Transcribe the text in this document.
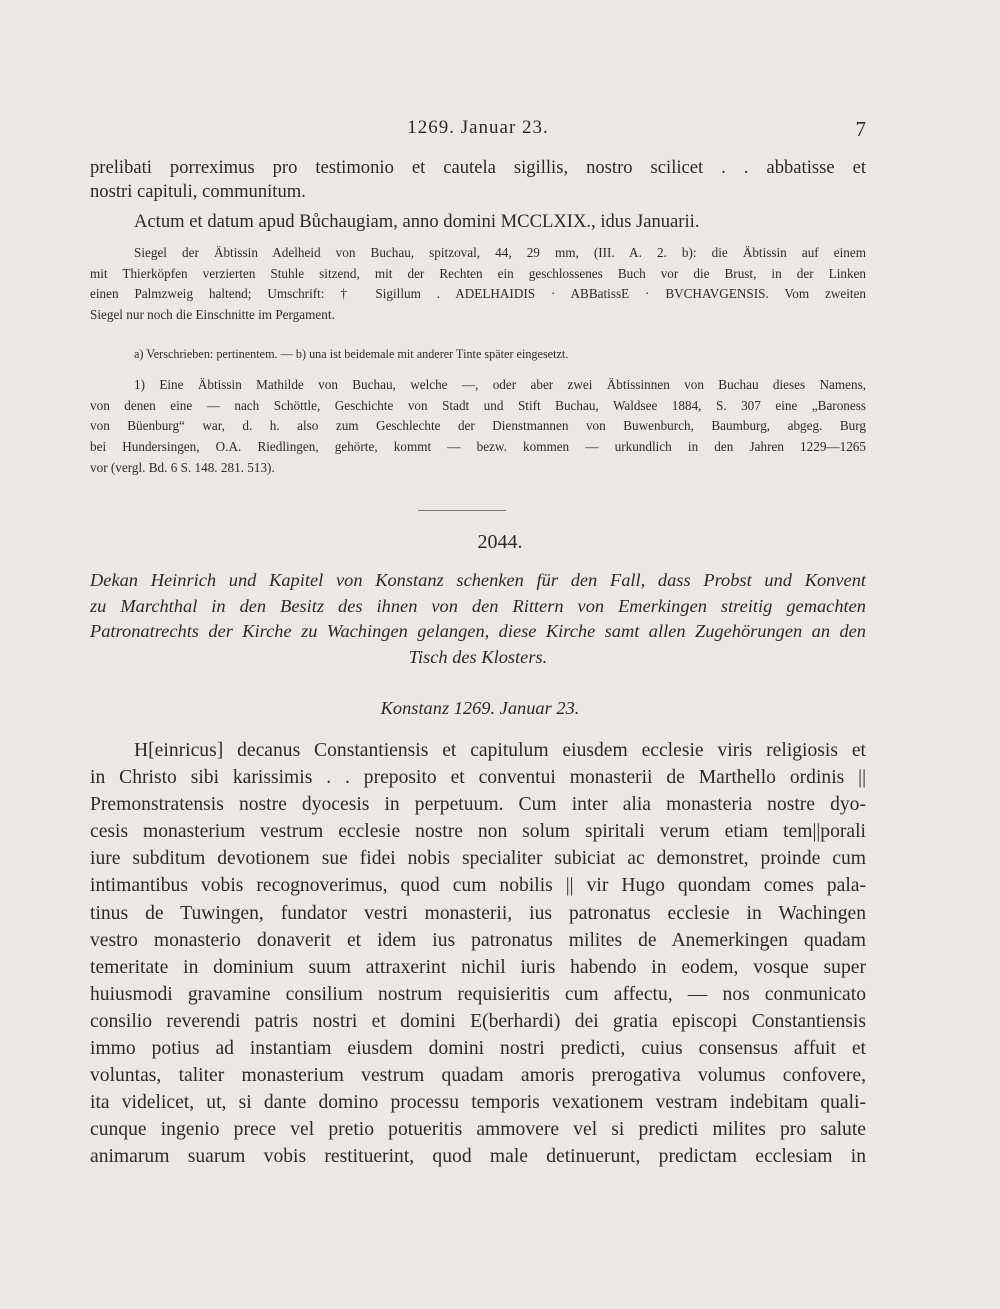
1269. Januar 23.	7
prelibati porreximus pro testimonio et cautela sigillis, nostro scilicet . . abbatisse et
nostri capituli, communitum.
Actum et datum apud Bůchaugiam, anno domini MCCLXIX., idus Januarii.
Siegel der Äbtissin Adelheid von Buchau, spitzoval, 44, 29 mm, (III. A. 2. b): die Äbtissin auf einem
mit Thierköpfen verzierten Stuhle sitzend, mit der Rechten ein geschlossenes Buch vor die Brust, in der Linken
einen Palmzweig haltend; Umschrift: † Sigillum . ADELHAIDIS · ABBatissE · BVCHAVGENSIS. Vom zweiten
Siegel nur noch die Einschnitte im Pergament.
a) Verschrieben: pertinentem. — b) una ist beidemale mit anderer Tinte später eingesetzt.
1) Eine Äbtissin Mathilde von Buchau, welche —, oder aber zwei Äbtissinnen von Buchau dieses Namens,
von denen eine — nach Schöttle, Geschichte von Stadt und Stift Buchau, Waldsee 1884, S. 307 eine „Baroness
von Büenburg“ war, d. h. also zum Geschlechte der Dienstmannen von Buwenburch, Baumburg, abgeg. Burg
bei Hundersingen, O.A. Riedlingen, gehörte, kommt — bezw. kommen — urkundlich in den Jahren 1229—1265
vor (vergl. Bd. 6 S. 148. 281. 513).
2044.
Dekan Heinrich und Kapitel von Konstanz schenken für den Fall, dass Probst und Konvent
zu Marchthal in den Besitz des ihnen von den Rittern von Emerkingen streitig gemachten
Patronatrechts der Kirche zu Wachingen gelangen, diese Kirche samt allen Zugehörungen an den
Tisch des Klosters.
Konstanz 1269. Januar 23.
H[einricus] decanus Constantiensis et capitulum eiusdem ecclesie viris religiosis et
in Christo sibi karissimis . . preposito et conventui monasterii de Marthello ordinis ||
Premonstratensis nostre dyocesis in perpetuum. Cum inter alia monasteria nostre dyo-
cesis monasterium vestrum ecclesie nostre non solum spiritali verum etiam tem||porali
iure subditum devotionem sue fidei nobis specialiter subiciat ac demonstret, proinde cum
intimantibus vobis recognoverimus, quod cum nobilis || vir Hugo quondam comes pala-
tinus de Tuwingen, fundator vestri monasterii, ius patronatus ecclesie in Wachingen
vestro monasterio donaverit et idem ius patronatus milites de Anemerkingen quadam
temeritate in dominium suum attraxerint nichil iuris habendo in eodem, vosque super
huiusmodi gravamine consilium nostrum requisieritis cum affectu, — nos conmunicato
consilio reverendi patris nostri et domini E(berhardi) dei gratia episcopi Constantiensis
immo potius ad instantiam eiusdem domini nostri predicti, cuius consensus affuit et
voluntas, taliter monasterium vestrum quadam amoris prerogativa volumus confovere,
ita videlicet, ut, si dante domino processu temporis vexationem vestram indebitam quali-
cunque ingenio prece vel pretio potueritis ammovere vel si predicti milites pro salute
animarum suarum vobis restituerint, quod male detinuerunt, predictam ecclesiam in
